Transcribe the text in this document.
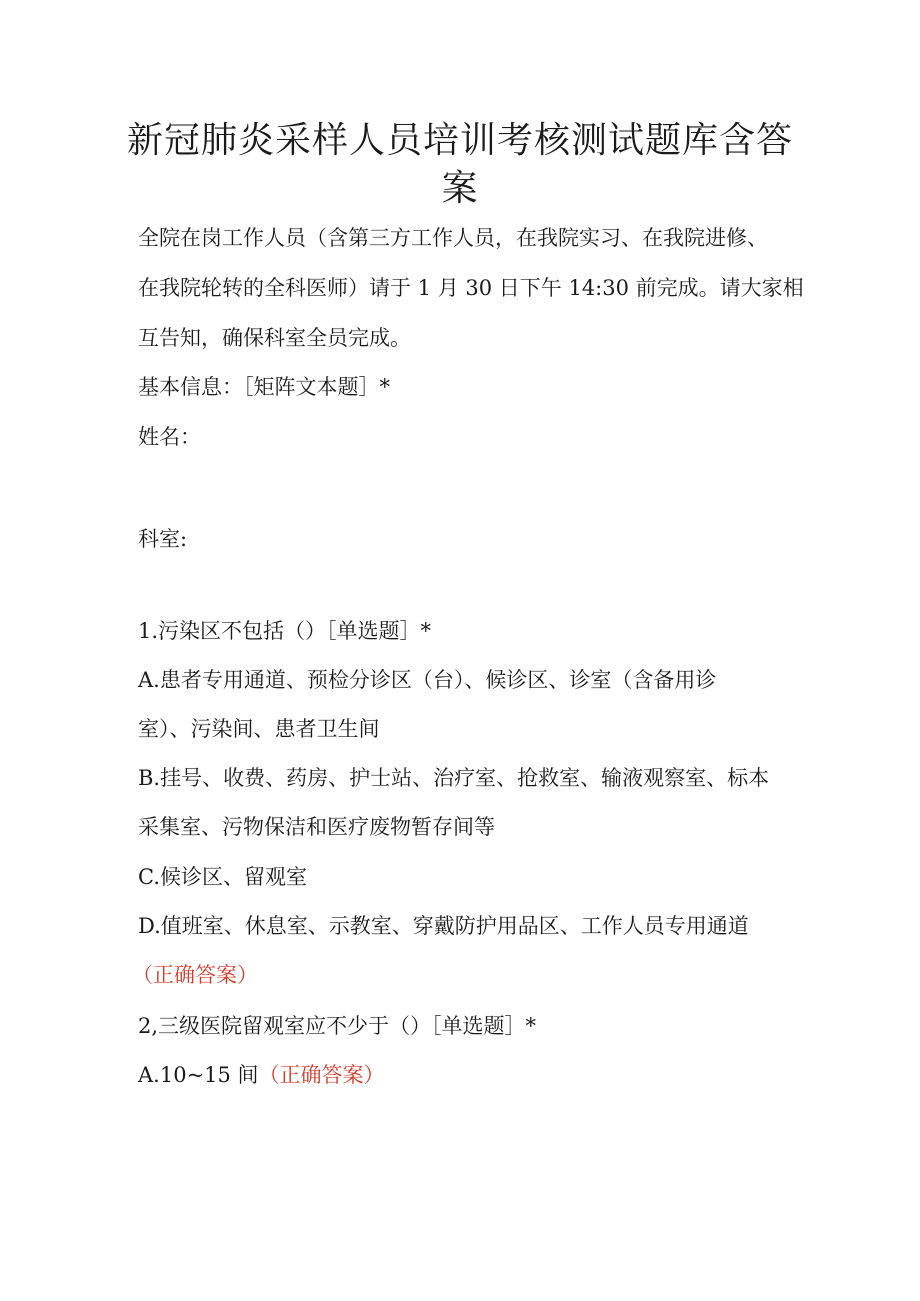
新冠肺炎采样人员培训考核测试题库含答
案
全院在岗工作人员（含第三方工作人员，在我院实习、在我院进修、
在我院轮转的全科医师）请于 1 月 30 日下午 14:30 前完成。请大家相
互告知，确保科室全员完成。
基本信息：［矩阵文本题］*
姓名：
科室:
1.污染区不包括（）［单选题］*
A.患者专用通道、预检分诊区（台）、候诊区、诊室（含备用诊
室）、污染间、患者卫生间
B.挂号、收费、药房、护士站、治疗室、抢救室、输液观察室、标本
采集室、污物保洁和医疗废物暂存间等
C.候诊区、留观室
D.值班室、休息室、示教室、穿戴防护用品区、工作人员专用通道
（正确答案）
2,三级医院留观室应不少于（）［单选题］*
A.10~15 间（正确答案）
